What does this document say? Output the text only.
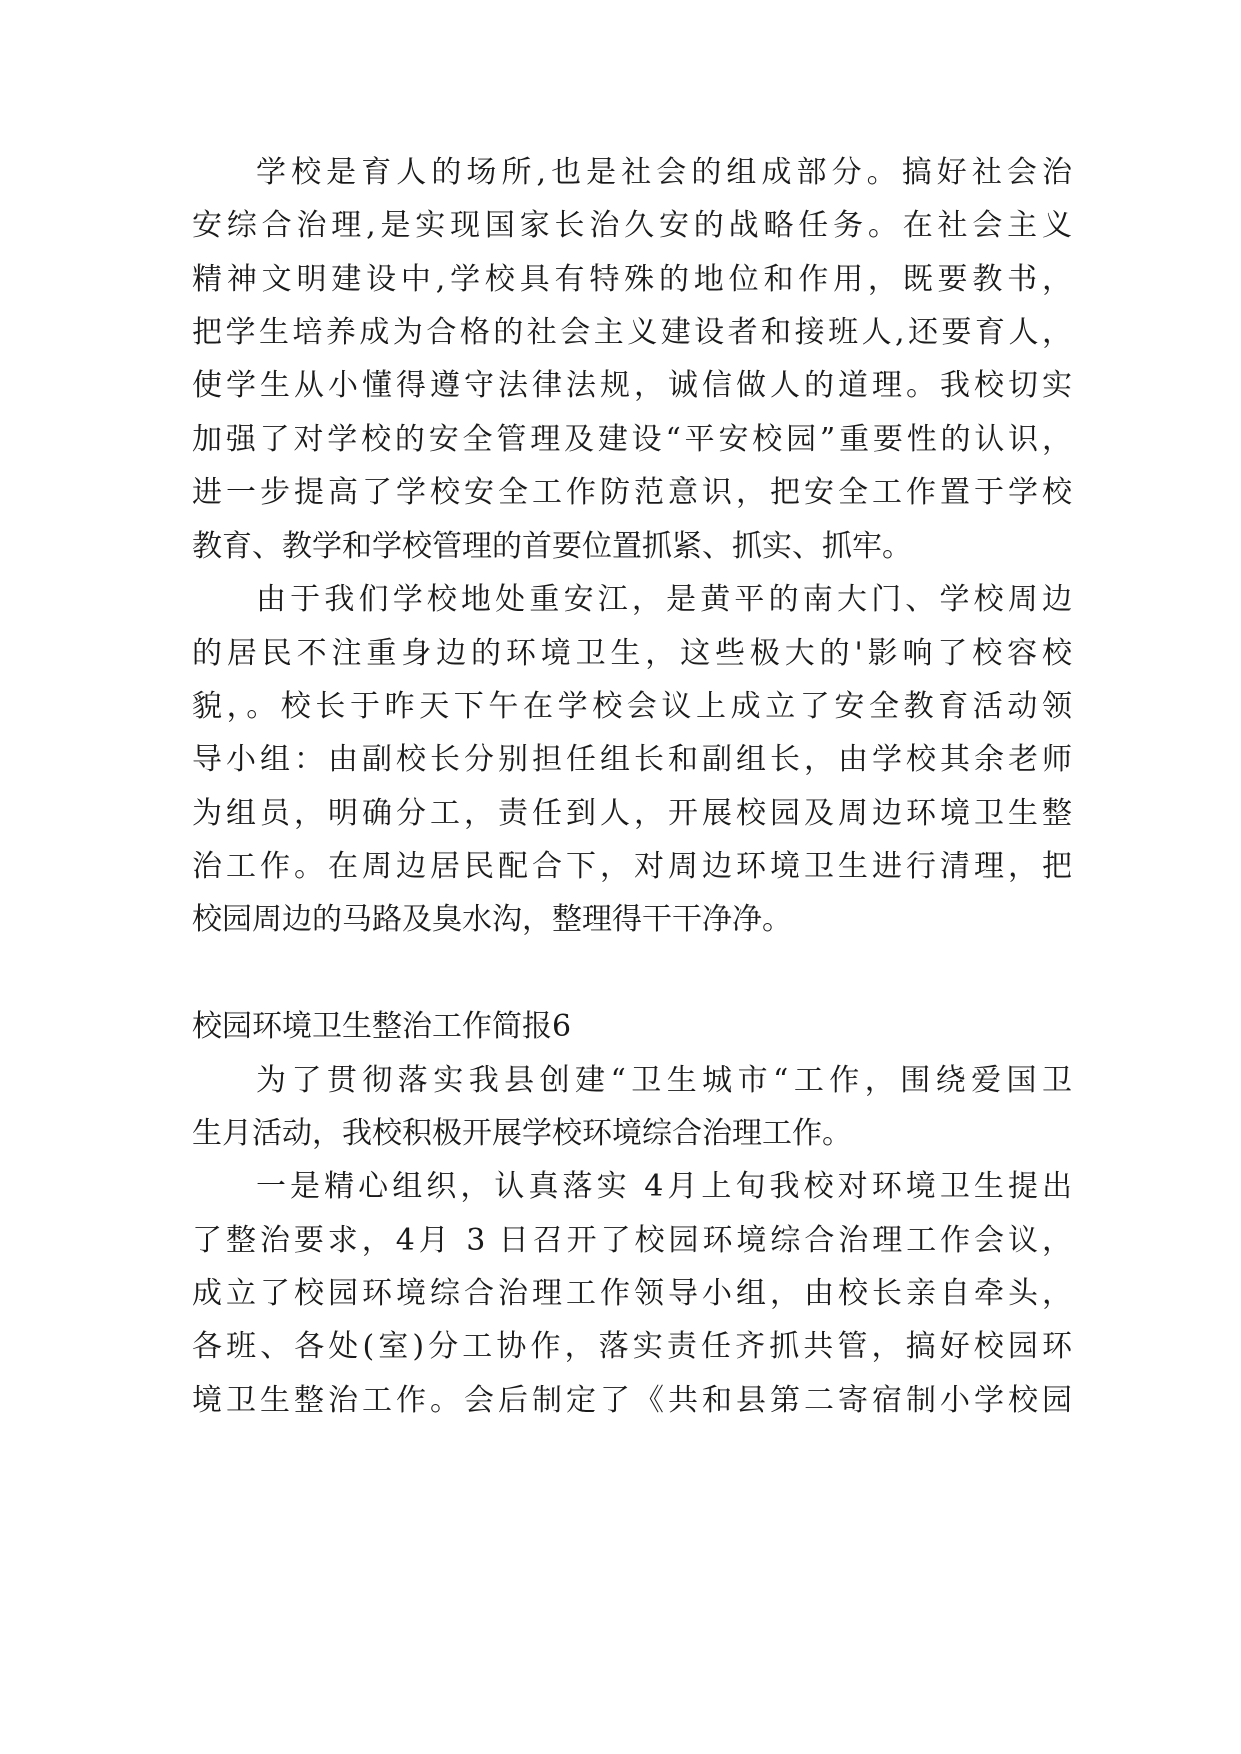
学校是育人的场所,也是社会的组成部分。搞好社会治
安综合治理,是实现国家长治久安的战略任务。在社会主义
精神文明建设中,学校具有特殊的地位和作用，既要教书，
把学生培养成为合格的社会主义建设者和接班人,还要育人，
使学生从小懂得遵守法律法规，诚信做人的道理。我校切实
加强了对学校的安全管理及建设“平安校园”重要性的认识，
进一步提高了学校安全工作防范意识，把安全工作置于学校
教育、教学和学校管理的首要位置抓紧、抓实、抓牢。
由于我们学校地处重安江，是黄平的南大门、学校周边
的居民不注重身边的环境卫生，这些极大的'影响了校容校
貌，。校长于昨天下午在学校会议上成立了安全教育活动领
导小组：由副校长分别担任组长和副组长，由学校其余老师
为组员，明确分工，责任到人，开展校园及周边环境卫生整
治工作。在周边居民配合下，对周边环境卫生进行清理，把
校园周边的马路及臭水沟，整理得干干净净。
校园环境卫生整治工作简报6
为了贯彻落实我县创建“卫生城市“工作，围绕爱国卫
生月活动，我校积极开展学校环境综合治理工作。
一是精心组织，认真落实 4月上旬我校对环境卫生提出
了整治要求，4月 3 日召开了校园环境综合治理工作会议，
成立了校园环境综合治理工作领导小组，由校长亲自牵头，
各班、各处(室)分工协作，落实责任齐抓共管，搞好校园环
境卫生整治工作。会后制定了《共和县第二寄宿制小学校园
